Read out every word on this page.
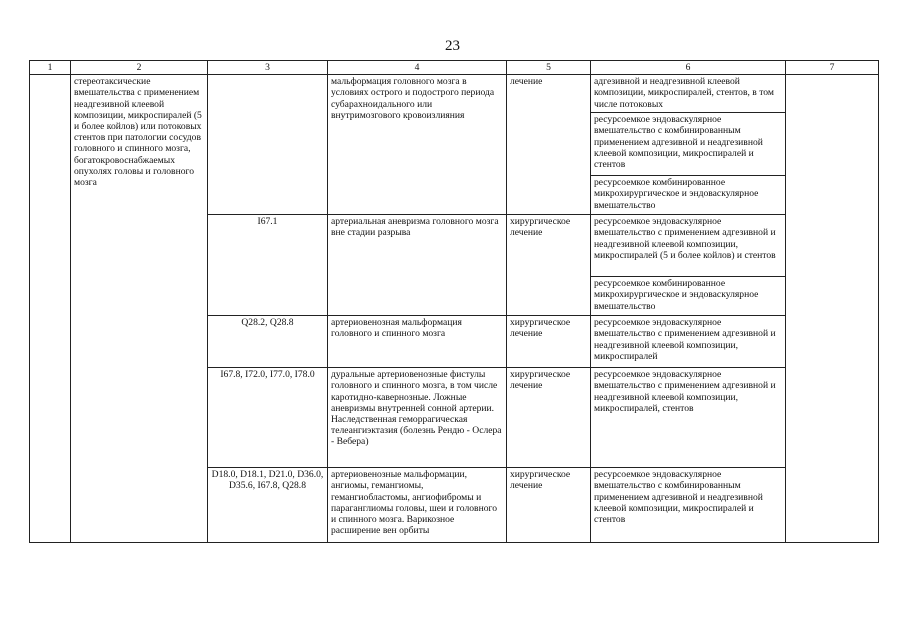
23
1	2	3	4	5	6	7
	стереотаксические вмешательства с применением неадгезивной клеевой композиции, микроспиралей (5 и более койлов) или потоковых стентов при патологии сосудов головного и спинного мозга, богатокровоснабжаемых опухолях головы и головного мозга		мальформация головного мозга в условиях острого и подострого периода субарахноидального или внутримозгового кровоизлияния	лечение	адгезивной и неадгезивной клеевой композиции, микроспиралей, стентов, в том числе потоковых	
					ресурсоемкое эндоваскулярное вмешательство с комбинированным применением адгезивной и неадгезивной клеевой композиции, микроспиралей и стентов	
					ресурсоемкое комбинированное микрохирургическое и эндоваскулярное вмешательство	
		I67.1	артериальная аневризма головного мозга вне стадии разрыва	хирургическое лечение	ресурсоемкое эндоваскулярное вмешательство с применением адгезивной и неадгезивной клеевой композиции, микроспиралей (5 и более койлов) и стентов	
					ресурсоемкое комбинированное микрохирургическое и эндоваскулярное вмешательство	
		Q28.2, Q28.8	артериовенозная мальформация головного и спинного мозга	хирургическое лечение	ресурсоемкое эндоваскулярное вмешательство с применением адгезивной и неадгезивной клеевой композиции, микроспиралей	
		I67.8, I72.0, I77.0, I78.0	дуральные артериовенозные фистулы головного и спинного мозга, в том числе каротидно-кавернозные. Ложные аневризмы внутренней сонной артерии. Наследственная геморрагическая телеангиэктазия (болезнь Рендю - Ослера - Вебера)	хирургическое лечение	ресурсоемкое эндоваскулярное вмешательство с применением адгезивной и неадгезивной клеевой композиции, микроспиралей, стентов	
		D18.0, D18.1, D21.0, D36.0, D35.6, I67.8, Q28.8	артериовенозные мальформации, ангиомы, гемангиомы, гемангиобластомы, ангиофибромы и параганглиомы головы, шеи и головного и спинного мозга. Варикозное расширение вен орбиты	хирургическое лечение	ресурсоемкое эндоваскулярное вмешательство с комбинированным применением адгезивной и неадгезивной клеевой композиции, микроспиралей и стентов	
